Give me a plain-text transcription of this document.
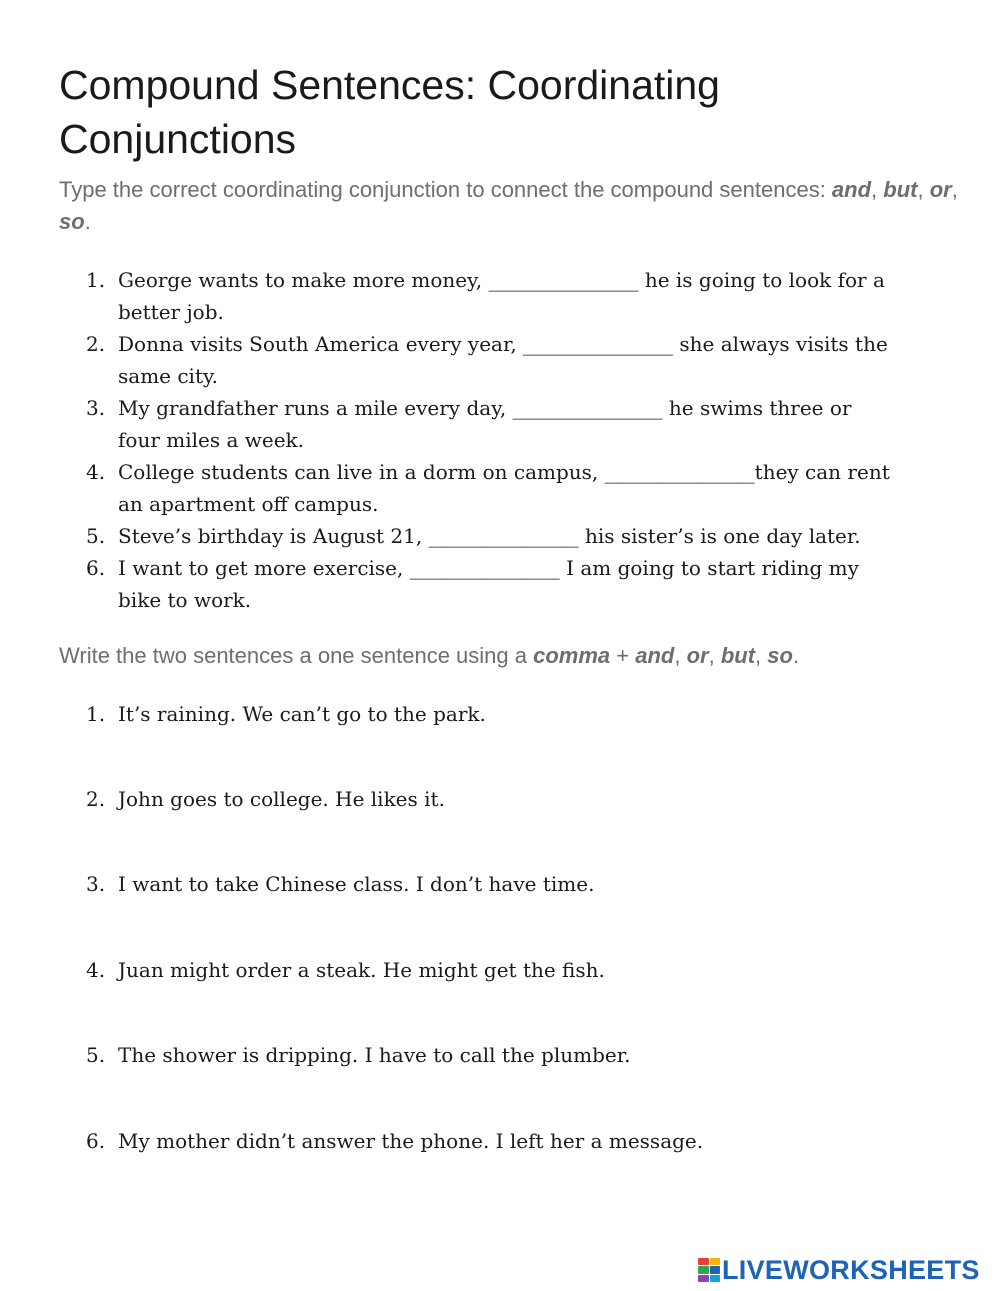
Compound Sentences: Coordinating Conjunctions

Type the correct coordinating conjunction to connect the compound sentences: and, but, or, so.

1. George wants to make more money, _______________ he is going to look for a better job.
2. Donna visits South America every year, _______________ she always visits the same city.
3. My grandfather runs a mile every day, _______________ he swims three or four miles a week.
4. College students can live in a dorm on campus, _______________they can rent an apartment off campus.
5. Steve’s birthday is August 21, _______________ his sister’s is one day later.
6. I want to get more exercise, _______________ I am going to start riding my bike to work.

Write the two sentences a one sentence using a comma + and, or, but, so.

1. It’s raining. We can’t go to the park.
2. John goes to college. He likes it.
3. I want to take Chinese class. I don’t have time.
4. Juan might order a steak. He might get the fish.
5. The shower is dripping. I have to call the plumber.
6. My mother didn’t answer the phone. I left her a message.
LIVEWORKSHEETS
